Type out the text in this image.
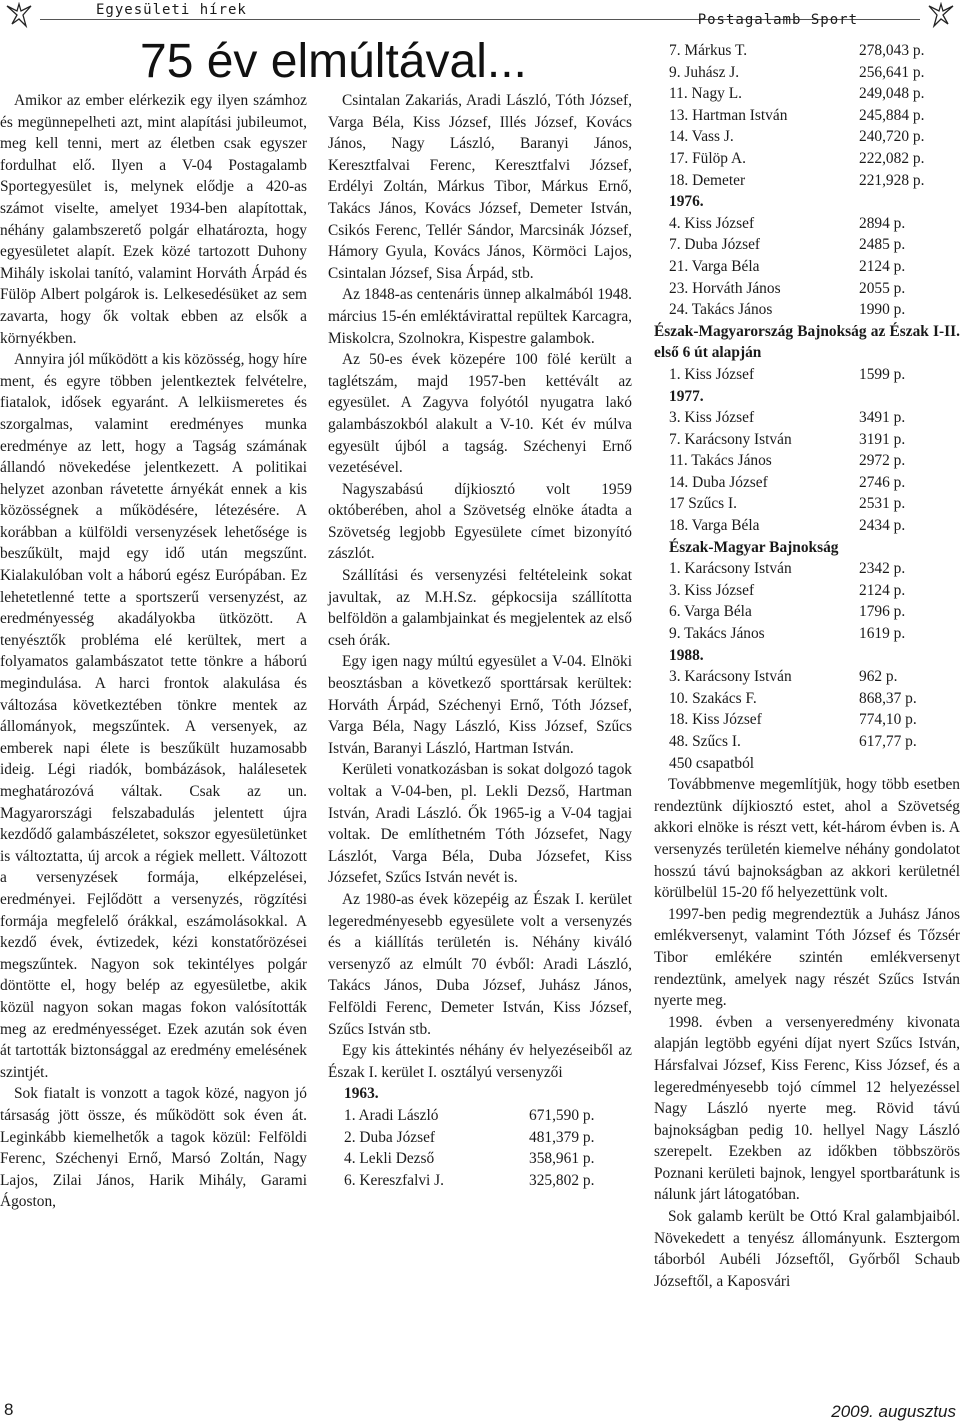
Egyesületi hírek
Postagalamb Sport
75 év elmúltával...

Amikor az ember elérkezik egy ilyen számhoz és megünnepelheti azt, mint alapítási jubileumot, meg kell tenni, mert az életben csak egyszer fordulhat elő. Ilyen a V-04 Postagalamb Sportegyesület is, melynek elődje a 420-as számot viselte, amelyet 1934-ben alapítottak, néhány galambszerető polgár elhatározta, hogy egyesületet alapít. Ezek közé tartozott Duhony Mihály iskolai tanító, valamint Horváth Árpád és Fülöp Albert polgárok is. Lelkesedésüket az sem zavarta, hogy ők voltak ebben az elsők a környékben.

Annyira jól működött a kis közösség, hogy híre ment, és egyre többen jelentkeztek felvételre, fiatalok, idősek egyaránt. A lelkiismeretes és szorgalmas, valamint eredményes munka eredménye az lett, hogy a Tagság számának állandó növekedése jelentkezett. A politikai helyzet azonban rávetette árnyékát ennek a kis közösségnek a működésére, létezésére. A korábban a külföldi versenyzések lehetősége is beszűkült, majd egy idő után megszűnt. Kialakulóban volt a háború egész Európában. Ez lehetetlenné tette a sportszerű versenyzést, az eredményesség akadályokba ütközött. A tenyésztők probléma elé kerültek, mert a folyamatos galambászatot tette tönkre a háború megindulása. A harci frontok alakulása és változása következtében tönkre mentek az állományok, megszűntek. A versenyek, az emberek napi élete is beszűkült huzamosabb ideig. Légi riadók, bombázások, halálesetek meghatározóvá váltak. Csak az un. Magyarországi felszabadulás jelentett újra kezdődő galambászéletet, sokszor egyesületünket is változtatta, új arcok a régiek mellett. Változott a versenyzések formája, elképzelései, eredményei. Fejlődött a versenyzés, rögzítési formája megfelelő órákkal, eszámolásokkal. A kezdő évek, évtizedek, kézi konstatőrözései megszűntek. Nagyon sok tekintélyes polgár döntötte el, hogy belép az egyesületbe, akik közül nagyon sokan magas fokon valósították meg az eredményességet. Ezek azután sok éven át tartották biztonsággal az eredmény emelésének szintjét.

Sok fiatalt is vonzott a tagok közé, nagyon jó társaság jött össze, és működött sok éven át. Leginkább kiemelhetők a tagok közül: Felföldi Ferenc, Széchenyi Ernő, Marsó Zoltán, Nagy Lajos, Zilai János, Harik Mihály, Garami Ágoston,

Csintalan Zakariás, Aradi László, Tóth József, Varga Béla, Kiss József, Illés József, Kovács János, Nagy László, Baranyi János, Keresztfalvai Ferenc, Keresztfalvi József, Erdélyi Zoltán, Márkus Tibor, Márkus Ernő, Takács János, Kovács József, Demeter István, Csikós Ferenc, Tellér Sándor, Marcsinák József, Hámory Gyula, Kovács János, Körmöci Lajos, Csintalan József, Sisa Árpád, stb.

Az 1848-as centenáris ünnep alkalmából 1948. március 15-én emléktávirattal repültek Karcagra, Miskolcra, Szolnokra, Kispestre galambok.

Az 50-es évek közepére 100 fölé került a taglétszám, majd 1957-ben kettévált az egyesület. A Zagyva folyótól nyugatra lakó galambászokból alakult a V-10. Két év múlva egyesült újból a tagság. Széchenyi Ernő vezetésével.

Nagyszabású díjkiosztó volt 1959 októberében, ahol a Szövetség elnöke átadta a Szövetség legjobb Egyesülete címet bizonyító zászlót.

Szállítási és versenyzési feltételeink sokat javultak, az M.H.Sz. gépkocsija szállította belföldön a galambjainkat és megjelentek az első cseh órák.

Egy igen nagy múltú egyesület a V-04. Elnöki beosztásban a következő sporttársak kerültek: Horváth Árpád, Széchenyi Ernő, Tóth József, Varga Béla, Nagy László, Kiss József, Szűcs István, Baranyi László, Hartman István.

Kerületi vonatkozásban is sokat dolgozó tagok voltak a V-04-ben, pl. Lekli Dezső, Hartman István, Aradi László. Ők 1965-ig a V-04 tagjai voltak. De említhetném Tóth Józsefet, Nagy Lászlót, Varga Béla, Duba Józsefet, Kiss Józsefet, Szűcs István nevét is.

Az 1980-as évek közepéig az Észak I. kerület legeredményesebb egyesülete volt a versenyzés és a kiállítás területén is. Néhány kiváló versenyző az elmúlt 70 évből: Aradi László, Takács János, Duba József, Juhász János, Felföldi Ferenc, Demeter István, Kiss József, Szűcs István stb.

Egy kis áttekintés néhány év helyezéseiből az Észak I. kerület I. osztályú versenyzői

1963.
1. Aradi László	671,590 p.
2. Duba József	481,379 p.
4. Lekli Dezső	358,961 p.
6. Kereszfalvi J.	325,802 p.
7. Márkus T.	278,043 p.
9. Juhász J.	256,641 p.
11. Nagy L.	249,048 p.
13. Hartman István	245,884 p.
14. Vass J.	240,720 p.
17. Fülöp A.	222,082 p.
18. Demeter	221,928 p.
1976.
4. Kiss József	2894 p.
7. Duba József	2485 p.
21. Varga Béla	2124 p.
23. Horváth János	2055 p.
24. Takács János	1990 p.
Észak-Magyarország Bajnokság az Észak I-II. első 6 út alapján
1. Kiss József	1599 p.
1977.
3. Kiss József	3491 p.
7. Karácsony István	3191 p.
11. Takács János	2972 p.
14. Duba József	2746 p.
17 Szűcs I.	2531 p.
18. Varga Béla	2434 p.
Észak-Magyar Bajnokság
1. Karácsony István	2342 p.
3. Kiss József	2124 p.
6. Varga Béla	1796 p.
9. Takács János	1619 p.
1988.
3. Karácsony István	962 p.
10. Szakács F.	868,37 p.
18. Kiss József	774,10 p.
48. Szűcs I.	617,77 p.
450 csapatból

Továbbmenve megemlítjük, hogy több esetben rendeztünk díjkiosztó estet, ahol a Szövetség akkori elnöke is részt vett, két-három évben is. A versenyzés területén kiemelve néhány gondolatot hosszú távú bajnokságban az akkori kerületnél körülbelül 15-20 fő helyezettünk volt.

1997-ben pedig megrendeztük a Juhász János emlékversenyt, valamint Tóth József és Tőzsér Tibor emlékére szintén emlékversenyt rendeztünk, amelyek nagy részét Szűcs István nyerte meg.

1998. évben a versenyeredmény kivonata alapján legtöbb egyéni díjat nyert Szűcs István, Hársfalvai József, Kiss Ferenc, Kiss József, és a legeredményesebb tojó címmel 12 helyezéssel Nagy László nyerte meg. Rövid távú bajnokságban pedig 10. hellyel Nagy László szerepelt. Ezekben az időkben többszörös Poznani kerületi bajnok, lengyel sportbarátunk is nálunk járt látogatóban.

Sok galamb került be Ottó Kral galambjaiból. Növekedett a tenyész állományunk. Esztergom táborból Aubéli Józseftől, Győrből Schaub Józseftől, a Kaposvári

8	2009. augusztus
